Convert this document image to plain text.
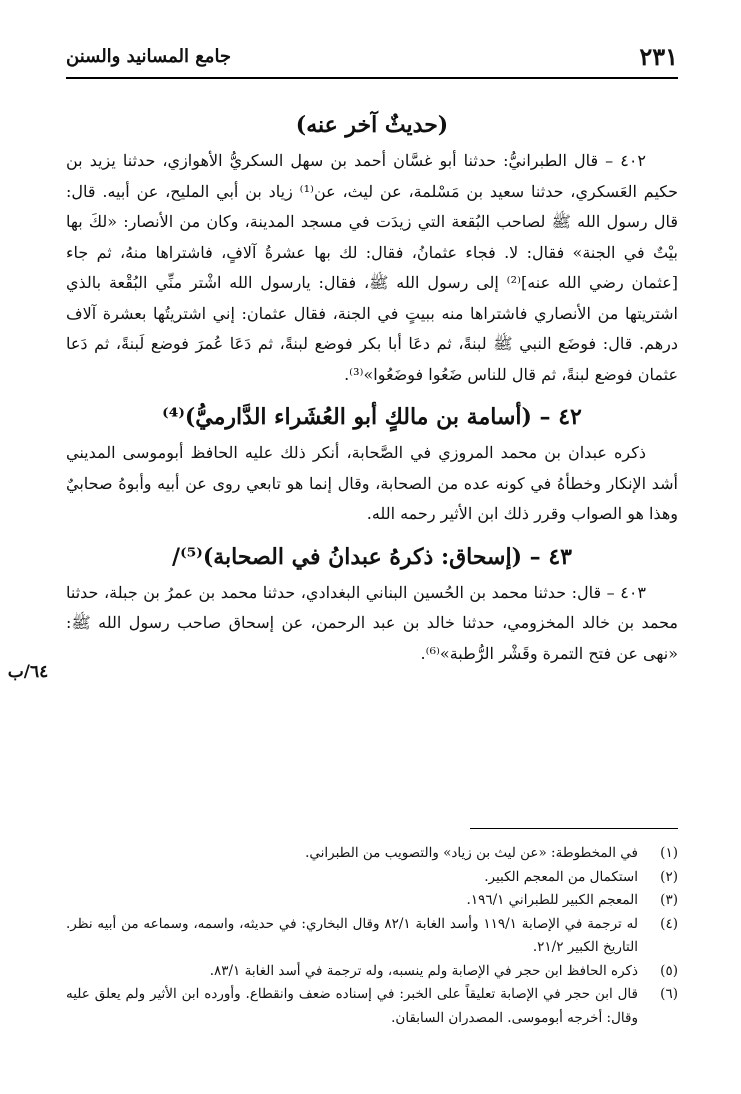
٢٣١
جامع المسانيد والسنن
٦٤/ب
(حديثٌ آخر عنه)

٤٠٢ – قال الطبرانيُّ: حدثنا أبو غسَّان أحمد بن سهل السكريُّ الأهوازي، حدثنا يزيد بن حكيم العَسكري، حدثنا سعيد بن مَسْلمة، عن ليث، عن⁽¹⁾ زياد بن أبي المليح، عن أبيه. قال: قال رسول الله ﷺ لصاحب البُقعة التي زيدَت في مسجد المدينة، وكان من الأنصار: «لكَ بها بيْتٌ في الجنة» فقال: لا. فجاء عثمانُ، فقال: لك بها عشرةُ آلافٍ، فاشتراها منهُ، ثم جاء [عثمان رضي الله عنه]⁽²⁾ إلى رسول الله ﷺ، فقال: يارسول الله اشْتر منِّي البُقْعة بالذي اشتريتها من الأنصاري فاشتراها منه ببيتٍ في الجنة، فقال عثمان: إني اشتريتُها بعشرة آلاف درهم. قال: فوضَع النبي ﷺ لبنةً، ثم دعَا أبا بكر فوضع لبنةً، ثم دَعَا عُمرَ فوضع لَبنةً، ثم دَعا عثمان فوضع لبنةً، ثم قال للناس ضَعُوا فوضَعُوا»⁽³⁾.

٤٢ – (أسامة بن مالكٍ أبو العُشَراء الدَّارميُّ)⁽⁴⁾

ذكره عبدان بن محمد المروزي في الصَّحابة، أنكر ذلك عليه الحافظ أبوموسى المديني أشد الإنكار وخطأهُ في كونه عده من الصحابة، وقال إنما هو تابعي روى عن أبيه وأبوهُ صحابيٌ وهذا هو الصواب وقرر ذلك ابن الأثير رحمه الله.

٤٣ – (إسحاق: ذكرهُ عبدانُ في الصحابة)⁽⁵⁾/

٤٠٣ – قال: حدثنا محمد بن الحُسين البناني البغدادي، حدثنا محمد بن عمرُ بن جبلة، حدثنا محمد بن خالد المخزومي، حدثنا خالد بن عبد الرحمن، عن إسحاق صاحب رسول الله ﷺ: «نهى عن فتح التمرة وقَشْر الرُّطبة»⁽⁶⁾.

(١)
في المخطوطة: «عن ليث بن زياد» والتصويب من الطبراني.
(٢)
استكمال من المعجم الكبير.
(٣)
المعجم الكبير للطبراني ١٩٦/١.
(٤)
له ترجمة في الإصابة ١١٩/١ وأسد الغابة ٨٢/١ وقال البخاري: في حديثه، واسمه، وسماعه من أبيه نظر. التاريخ الكبير ٢١/٢.
(٥)
ذكره الحافظ ابن حجر في الإصابة ولم ينسبه، وله ترجمة في أسد الغابة ٨٣/١.
(٦)
قال ابن حجر في الإصابة تعليقاً على الخبر: في إسناده ضعف وانقطاع. وأورده ابن الأثير ولم يعلق عليه وقال: أخرجه أبوموسى. المصدران السابقان.
